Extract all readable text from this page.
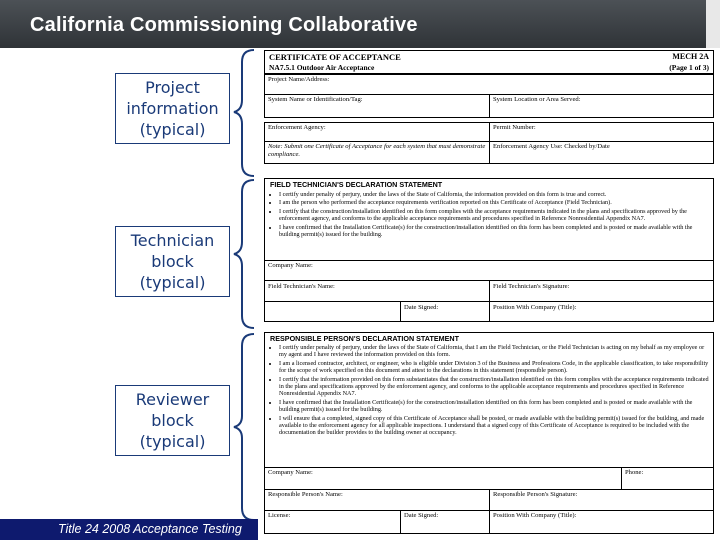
California Commissioning Collaborative
Project information (typical)
Technician block (typical)
Reviewer block (typical)
Title 24 2008 Acceptance Testing
CERTIFICATE OF ACCEPTANCE
NA7.5.1 Outdoor Air Acceptance
MECH 2A
(Page 1 of 3)
Project Name/Address:
System Name or Identification/Tag:	System Location or Area Served:
Enforcement Agency:	Permit Number:
Note: Submit one Certificate of Acceptance for each system that must demonstrate compliance.
Enforcement Agency Use: Checked by/Date
FIELD TECHNICIAN'S DECLARATION STATEMENT
• I certify under penalty of perjury, under the laws of the State of California, the information provided on this form is true and correct.
• I am the person who performed the acceptance requirements verification reported on this Certificate of Acceptance (Field Technician).
• I certify that the construction/installation identified on this form complies with the acceptance requirements indicated in the plans and specifications approved by the enforcement agency, and conforms to the applicable acceptance requirements and procedures specified in Reference Nonresidential Appendix NA7.
• I have confirmed that the Installation Certificate(s) for the construction/installation identified on this form has been completed and is posted or made available with the building permit(s) issued for the building.
Company Name:
Field Technician's Name:	Field Technician's Signature:
Date Signed:	Position With Company (Title):
RESPONSIBLE PERSON'S DECLARATION STATEMENT
• I certify under penalty of perjury, under the laws of the State of California, that I am the Field Technician, or the Field Technician is acting on my behalf as my employee or my agent and I have reviewed the information provided on this form.
• I am a licensed contractor, architect, or engineer, who is eligible under Division 3 of the Business and Professions Code, in the applicable classification, to take responsibility for the scope of work specified on this document and attest to the declarations in this statement (responsible person).
• I certify that the information provided on this form substantiates that the construction/installation identified on this form complies with the acceptance requirements indicated in the plans and specifications approved by the enforcement agency, and conforms to the applicable acceptance requirements and procedures specified in Reference Nonresidential Appendix NA7.
• I have confirmed that the Installation Certificate(s) for the construction/installation identified on this form has been completed and is posted or made available with the building permit(s) issued for the building.
• I will ensure that a completed, signed copy of this Certificate of Acceptance shall be posted, or made available with the building permit(s) issued for the building, and made available to the enforcement agency for all applicable inspections. I understand that a signed copy of this Certificate of Acceptance is required to be included with the documentation the builder provides to the building owner at occupancy.
Company Name:	Phone:
Responsible Person's Name:	Responsible Person's Signature:
License:	Date Signed:	Position With Company (Title):
